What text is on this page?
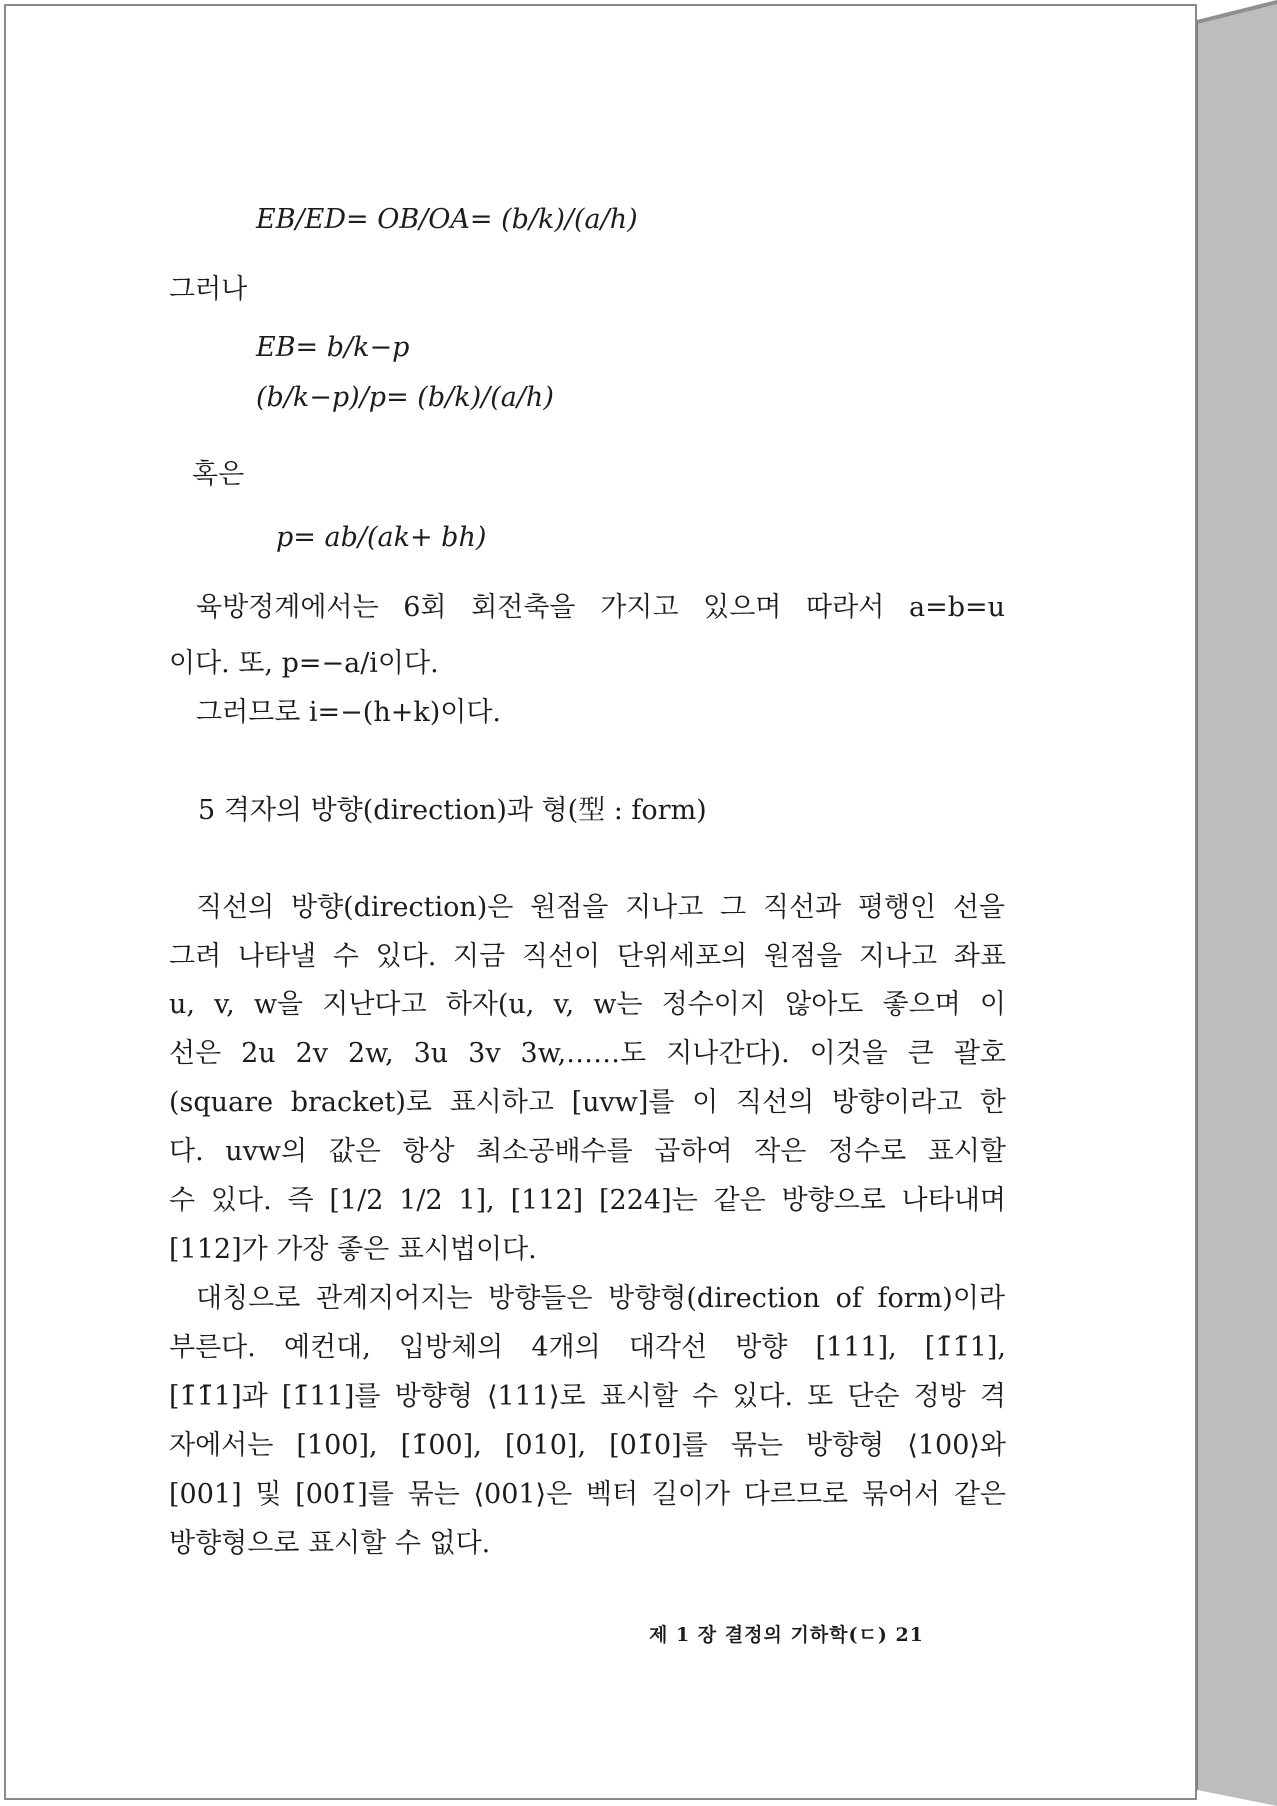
EB/ED= OB/OA= (b/k)/(a/h)
그러나
EB= b/k−p
(b/k−p)/p= (b/k)/(a/h)
혹은
p= ab/(ak+ bh)
육방정계에서는 6회 회전축을 가지고 있으며 따라서 a=b=u
이다. 또, p=−a/i이다.
그러므로 i=−(h+k)이다.
5 격자의 방향(direction)과 형(型 : form)
직선의 방향(direction)은 원점을 지나고 그 직선과 평행인 선을
그려 나타낼 수 있다. 지금 직선이 단위세포의 원점을 지나고 좌표
u, v, w을 지난다고 하자(u, v, w는 정수이지 않아도 좋으며 이
선은 2u 2v 2w, 3u 3v 3w,……도 지나간다). 이것을 큰 괄호
(square bracket)로 표시하고 [uvw]를 이 직선의 방향이라고 한
다. uvw의 값은 항상 최소공배수를 곱하여 작은 정수로 표시할
수 있다. 즉 [1/2 1/2 1], [112] [224]는 같은 방향으로 나타내며
[112]가 가장 좋은 표시법이다.
대칭으로 관계지어지는 방향들은 방향형(direction of form)이라
부른다. 예컨대, 입방체의 4개의 대각선 방향 [111], [1̄1̄1],
[1̄1̄1]과 [1̄11]를 방향형 ⟨111⟩로 표시할 수 있다. 또 단순 정방 격
자에서는 [100], [1̄00], [010], [01̄0]를 묶는 방향형 ⟨100⟩와
[001] 및 [001̄]를 묶는 ⟨001⟩은 벡터 길이가 다르므로 묶어서 같은
방향형으로 표시할 수 없다.
제 1 장 결정의 기하학(ㄷ) 21
